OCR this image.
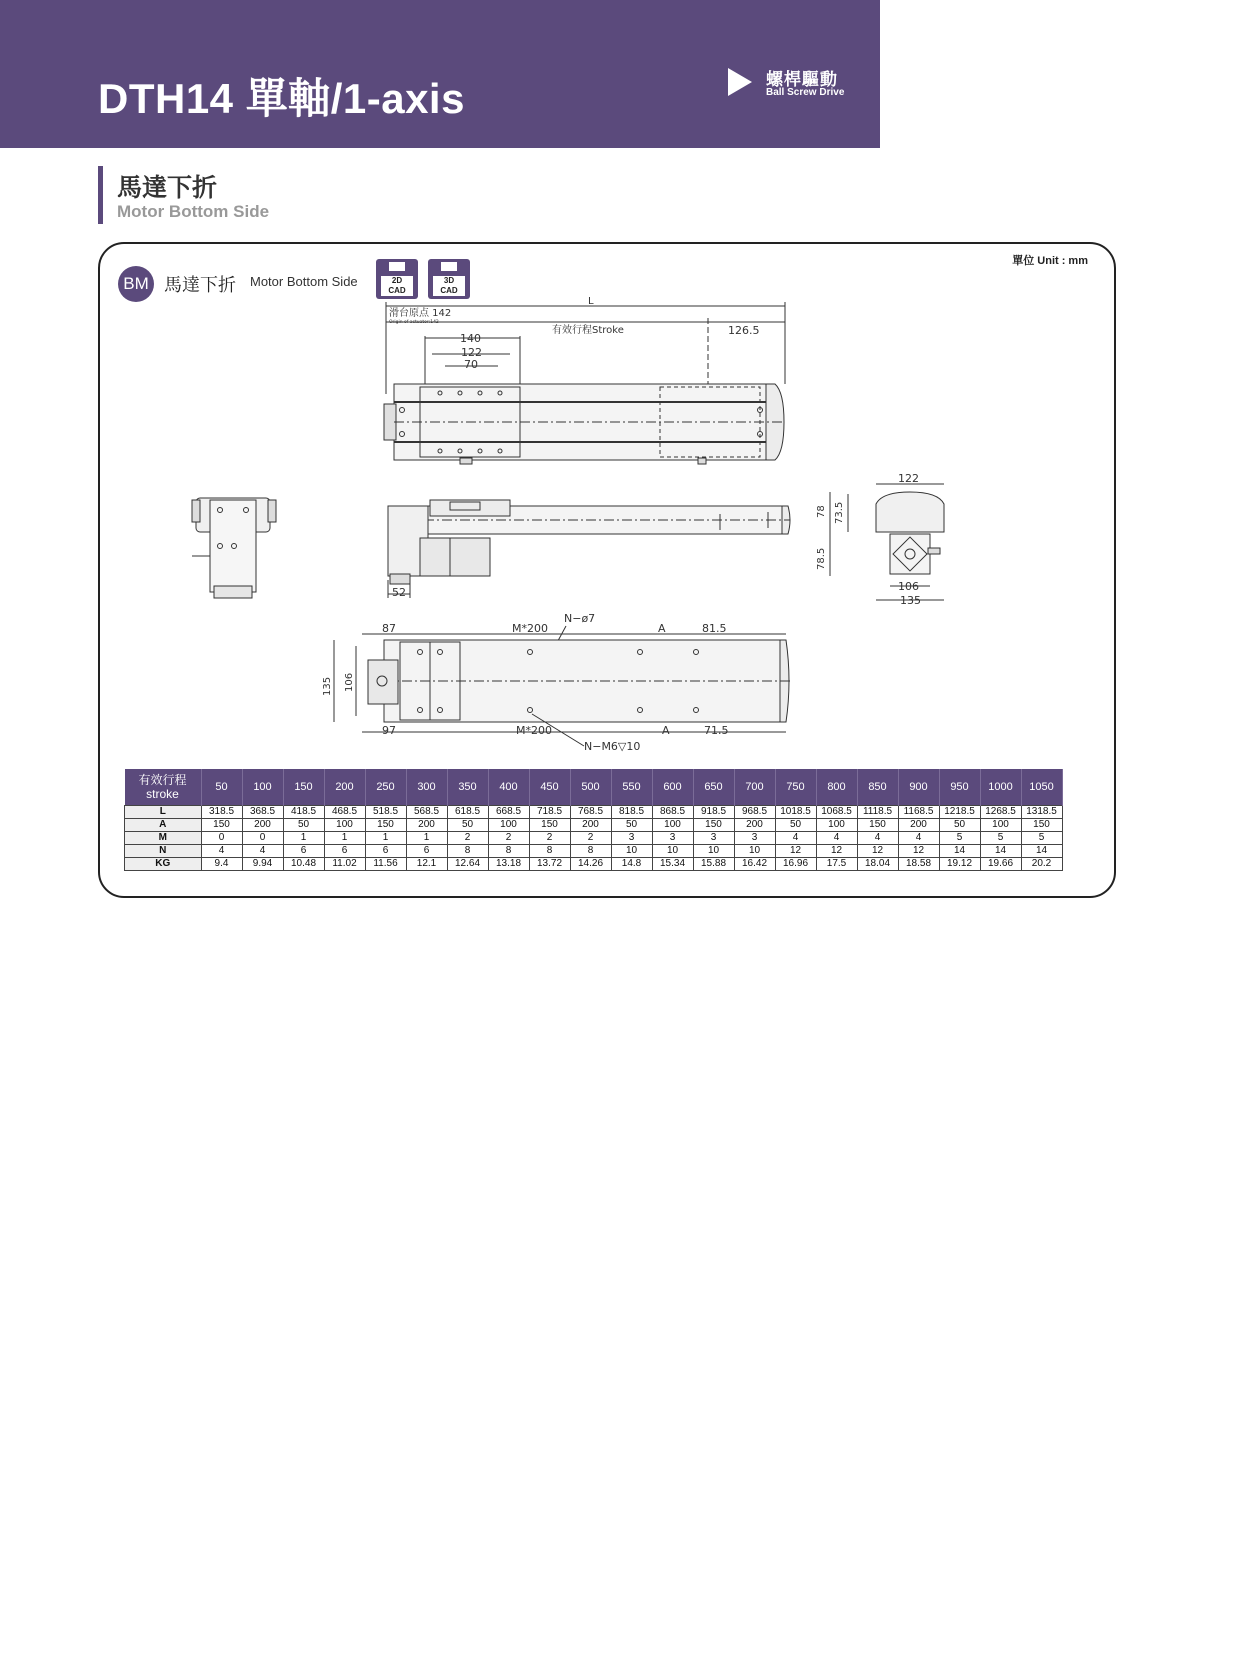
DTH14 單軸/1-axis	螺桿驅動
Ball Screw Drive
馬達下折
Motor Bottom Side
單位 Unit : mm
BM 馬達下折 Motor Bottom Side	2D
CAD
3D
CAD
L
滑台原点 142
Origin of actuator:142
有效行程Stroke	126.5
140
122
70
52
122
78 73.5
78.5
106
135
87	M*200
N−ø7
A	81.5
135 106
97	M*200	A	71.5
N−M6▽10
有效行程
stroke	50	100	150	200	250	300	350	400	450	500	550	600	650	700	750	800	850	900	950	1000	1050
L	318.5	368.5	418.5	468.5	518.5	568.5	618.5	668.5	718.5	768.5	818.5	868.5	918.5	968.5	1018.5	1068.5	1118.5	1168.5	1218.5	1268.5	1318.5
A	150	200	50	100	150	200	50	100	150	200	50	100	150	200	50	100	150	200	50	100	150
M	0	0	1	1	1	1	2	2	2	2	3	3	3	3	4	4	4	4	5	5	5
N	4	4	6	6	6	6	8	8	8	8	10	10	10	10	12	12	12	12	14	14	14
KG	9.4	9.94	10.48	11.02	11.56	12.1	12.64	13.18	13.72	14.26	14.8	15.34	15.88	16.42	16.96	17.5	18.04	18.58	19.12	19.66	20.2
